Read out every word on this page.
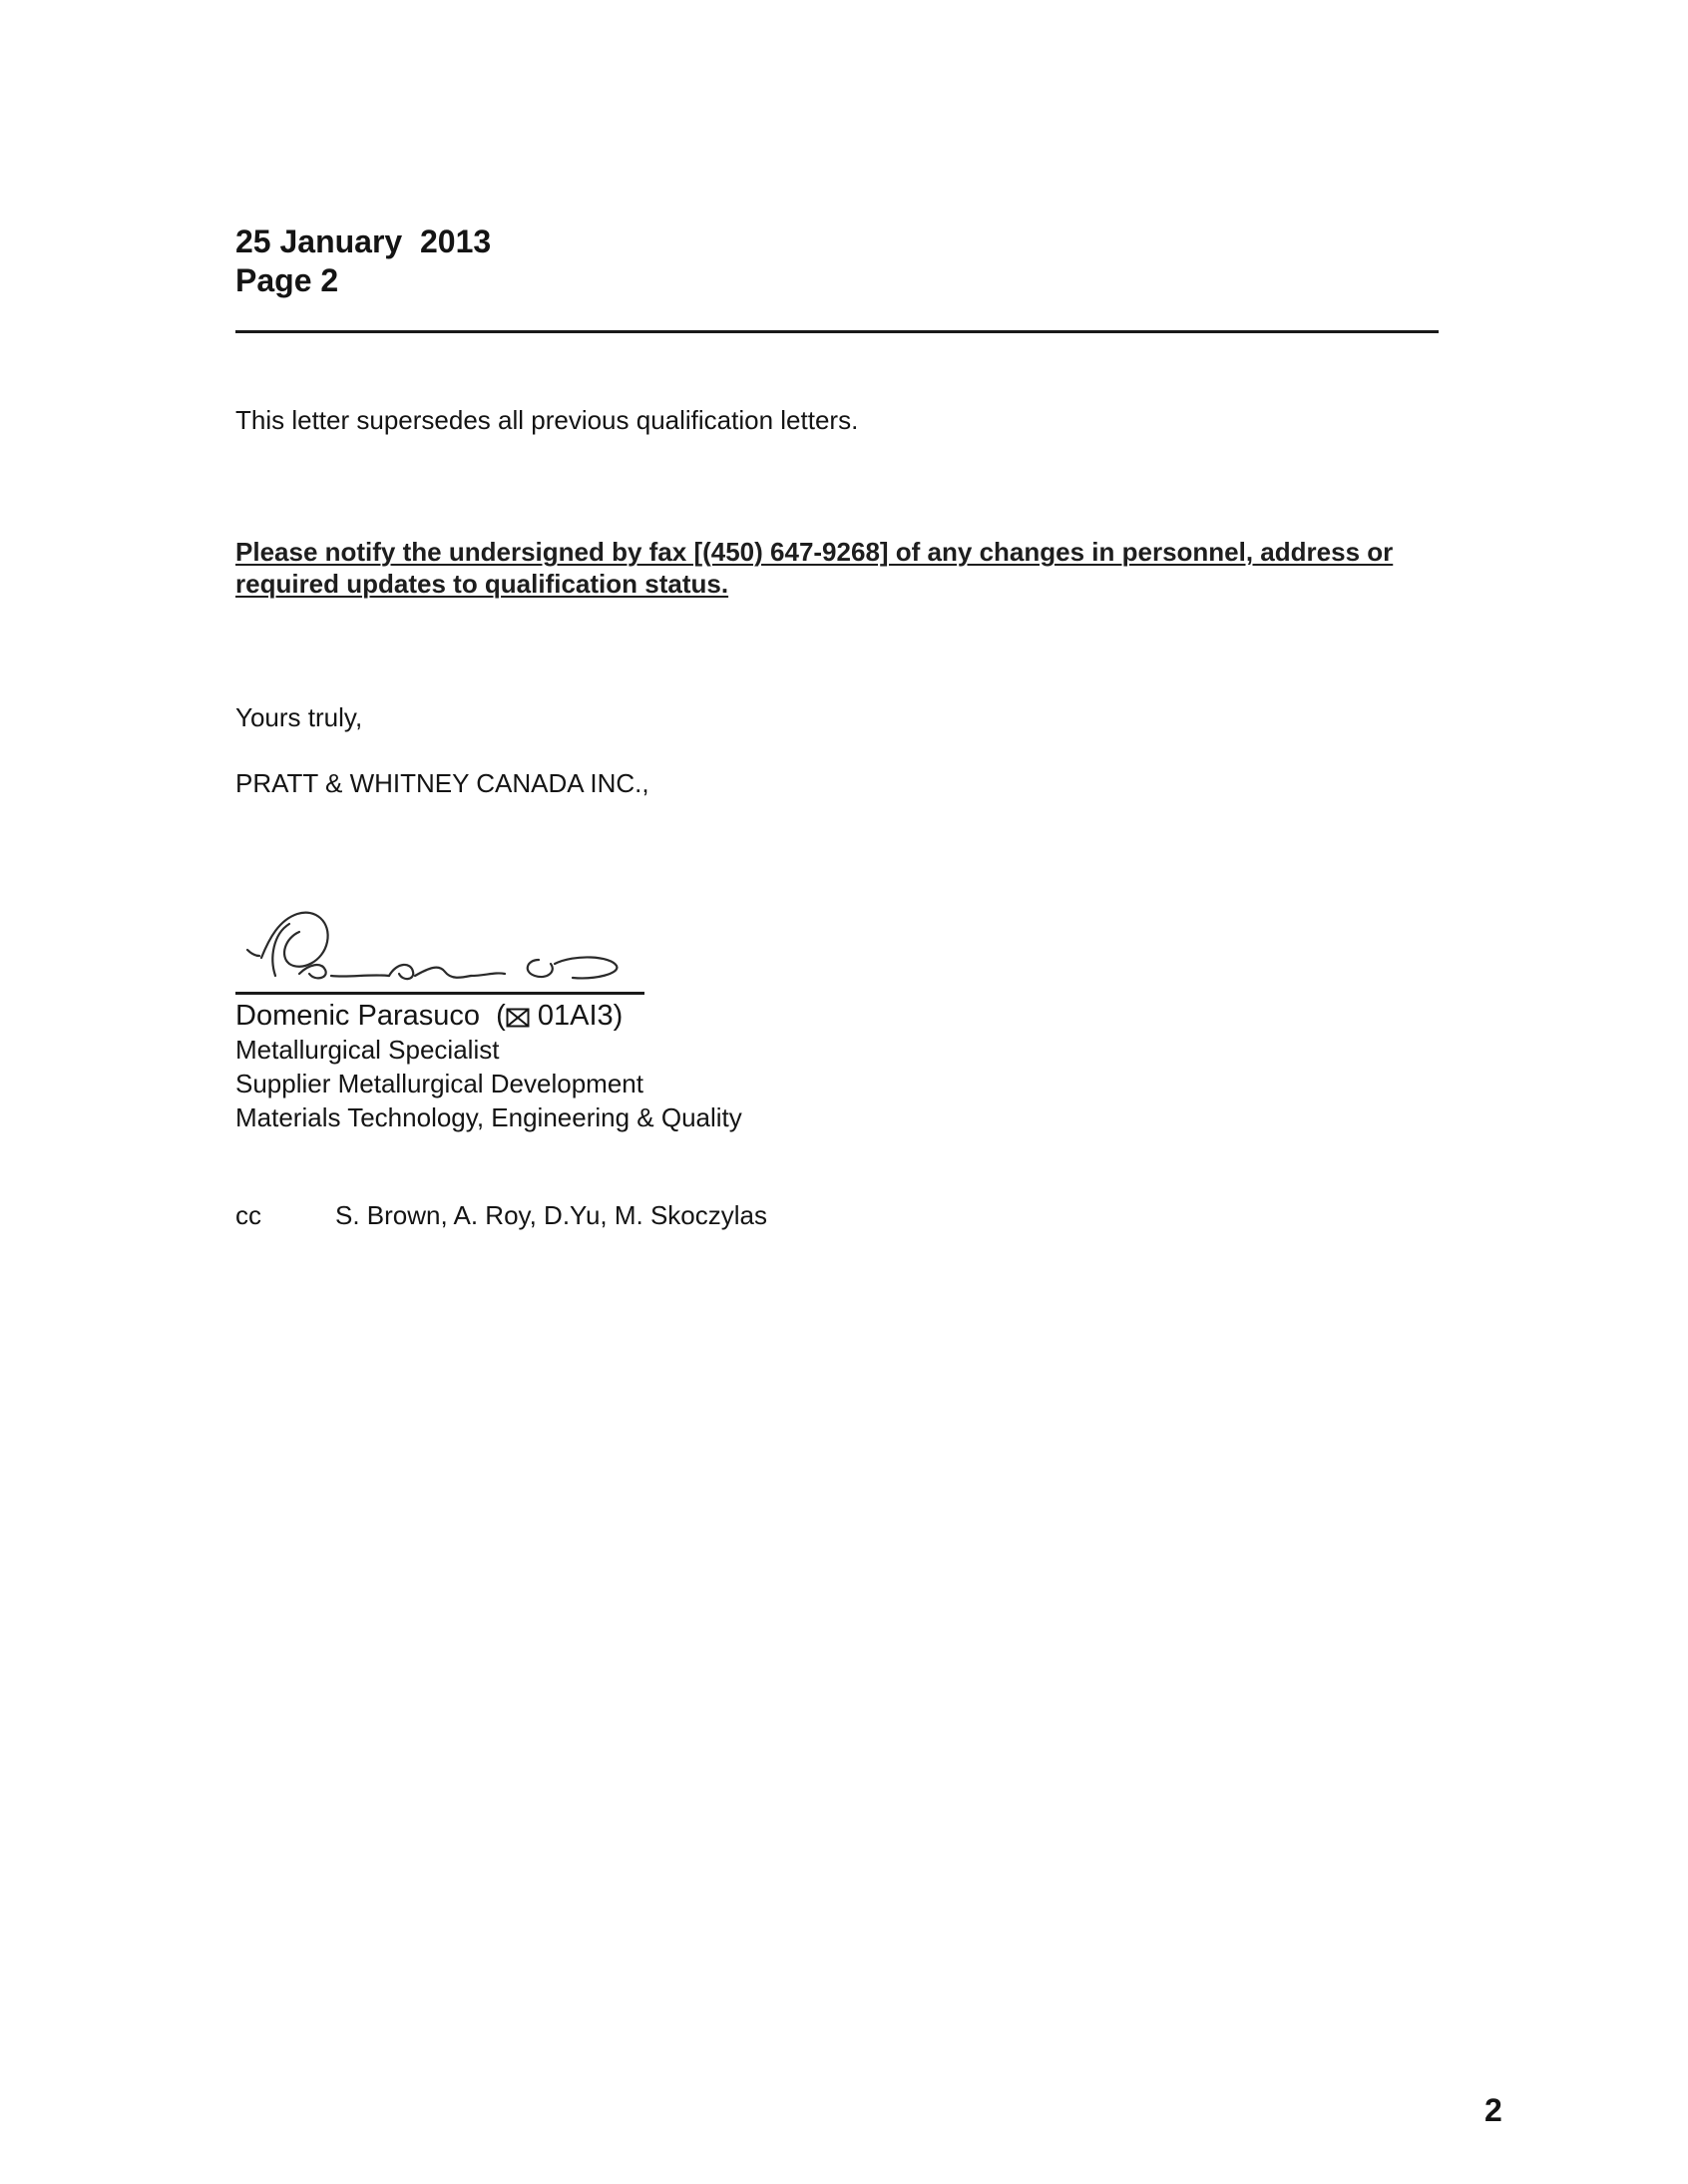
25 January  2013
Page 2
This letter supersedes all previous qualification letters.
Please notify the undersigned by fax [(450) 647-9268] of any changes in personnel, address or required updates to qualification status.
Yours truly,
PRATT & WHITNEY CANADA INC.,
Domenic Parasuco ( 01AI3)
Metallurgical Specialist
Supplier Metallurgical Development
Materials Technology, Engineering & Quality
cc	S. Brown, A. Roy, D.Yu, M. Skoczylas
2
